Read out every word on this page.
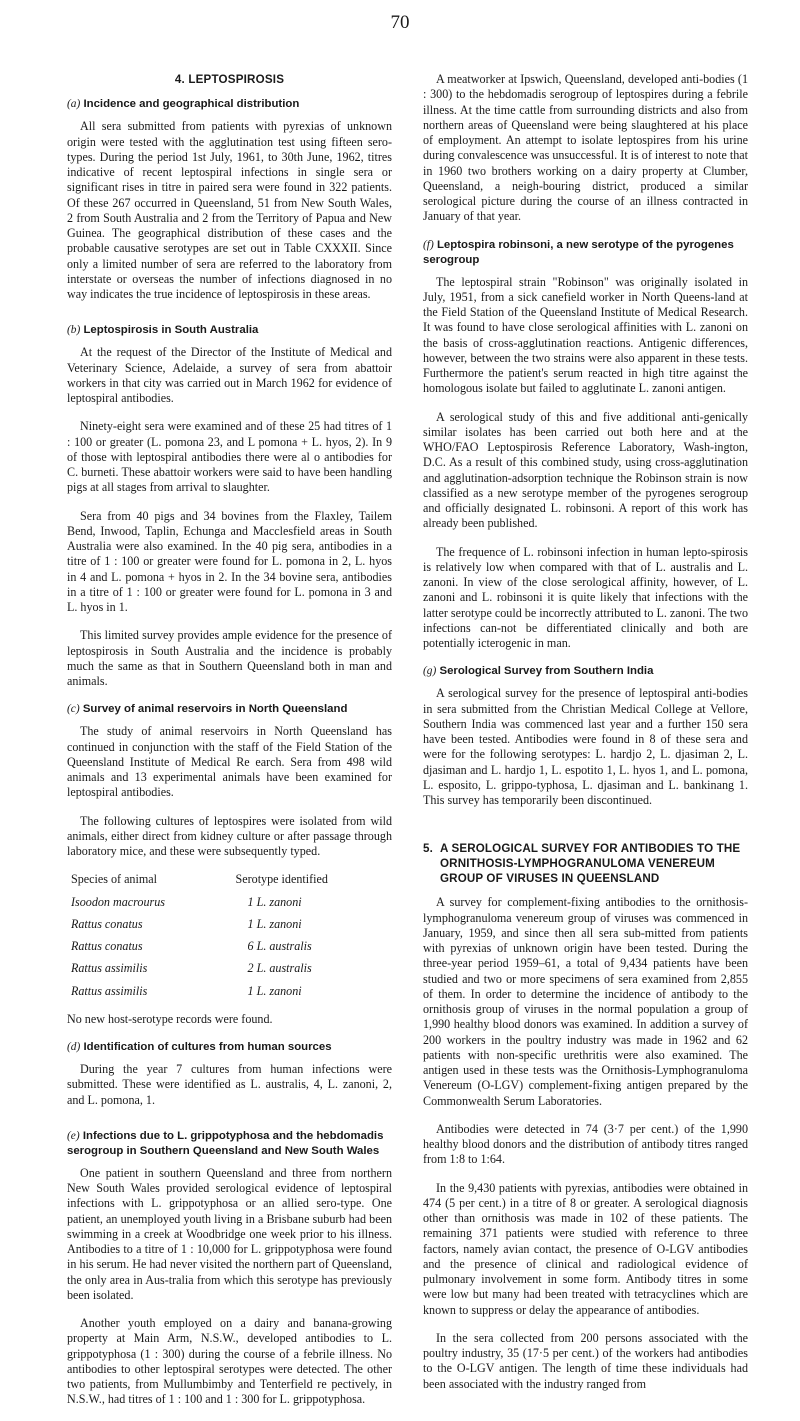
70
4. LEPTOSPIROSIS
(a) Incidence and geographical distribution

All sera submitted from patients with pyrexias of unknown origin were tested with the agglutination test using fifteen sero-types. During the period 1st July, 1961, to 30th June, 1962, titres indicative of recent leptospiral infections in single sera or significant rises in titre in paired sera were found in 322 patients. Of these 267 occurred in Queensland, 51 from New South Wales, 2 from South Australia and 2 from the Territory of Papua and New Guinea. The geographical distribution of these cases and the probable causative serotypes are set out in Table CXXXII. Since only a limited number of sera are referred to the laboratory from interstate or overseas the number of infections diagnosed in no way indicates the true incidence of leptospirosis in these areas.

(b) Leptospirosis in South Australia

At the request of the Director of the Institute of Medical and Veterinary Science, Adelaide, a survey of sera from abattoir workers in that city was carried out in March 1962 for evidence of leptospiral antibodies.

Ninety-eight sera were examined and of these 25 had titres of 1 : 100 or greater (L. pomona 23, and L pomona + L. hyos, 2). In 9 of those with leptospiral antibodies there were al o antibodies for C. burneti. These abattoir workers were said to have been handling pigs at all stages from arrival to slaughter.

Sera from 40 pigs and 34 bovines from the Flaxley, Tailem Bend, Inwood, Taplin, Echunga and Macclesfield areas in South Australia were also examined. In the 40 pig sera, antibodies in a titre of 1 : 100 or greater were found for L. pomona in 2, L. hyos in 4 and L. pomona + hyos in 2. In the 34 bovine sera, antibodies in a titre of 1 : 100 or greater were found for L. pomona in 3 and L. hyos in 1.

This limited survey provides ample evidence for the presence of leptospirosis in South Australia and the incidence is probably much the same as that in Southern Queensland both in man and animals.

(c) Survey of animal reservoirs in North Queensland

The study of animal reservoirs in North Queensland has continued in conjunction with the staff of the Field Station of the Queensland Institute of Medical Re earch. Sera from 498 wild animals and 13 experimental animals have been examined for leptospiral antibodies.

The following cultures of leptospires were isolated from wild animals, either direct from kidney culture or after passage through laboratory mice, and these were subsequently typed.

Species of animal	Serotype identified
Isoodon macrourus	1 L. zanoni
Rattus conatus	1 L. zanoni
Rattus conatus	6 L. australis
Rattus assimilis	2 L. australis
Rattus assimilis	1 L. zanoni

No new host-serotype records were found.

(d) Identification of cultures from human sources

During the year 7 cultures from human infections were submitted. These were identified as L. australis, 4, L. zanoni, 2, and L. pomona, 1.

(e) Infections due to L. grippotyphosa and the hebdomadis serogroup in Southern Queensland and New South Wales

One patient in southern Queensland and three from northern New South Wales provided serological evidence of leptospiral infections with L. grippotyphosa or an allied sero-type. One patient, an unemployed youth living in a Brisbane suburb had been swimming in a creek at Woodbridge one week prior to his illness. Antibodies to a titre of 1 : 10,000 for L. grippotyphosa were found in his serum. He had never visited the northern part of Queensland, the only area in Aus-tralia from which this serotype has previously been isolated.

Another youth employed on a dairy and banana-growing property at Main Arm, N.S.W., developed antibodies to L. grippotyphosa (1 : 300) during the course of a febrile illness. No antibodies to other leptospiral serotypes were detected. The other two patients, from Mullumbimby and Tenterfield re pectively, in N.S.W., had titres of 1 : 100 and 1 : 300 for L. grippotyphosa.

A meatworker at Ipswich, Queensland, developed anti-bodies (1 : 300) to the hebdomadis serogroup of leptospires during a febrile illness. At the time cattle from surrounding districts and also from northern areas of Queensland were being slaughtered at his place of employment. An attempt to isolate leptospires from his urine during convalescence was unsuccessful. It is of interest to note that in 1960 two brothers working on a dairy property at Clumber, Queensland, a neigh-bouring district, produced a similar serological picture during the course of an illness contracted in January of that year.

(f) Leptospira robinsoni, a new serotype of the pyrogenes serogroup

The leptospiral strain "Robinson" was originally isolated in July, 1951, from a sick canefield worker in North Queens-land at the Field Station of the Queensland Institute of Medical Research. It was found to have close serological affinities with L. zanoni on the basis of cross-agglutination reactions. Antigenic differences, however, between the two strains were also apparent in these tests. Furthermore the patient's serum reacted in high titre against the homologous isolate but failed to agglutinate L. zanoni antigen.

A serological study of this and five additional anti-genically similar isolates has been carried out both here and at the WHO/FAO Leptospirosis Reference Laboratory, Wash-ington, D.C. As a result of this combined study, using cross-agglutination and agglutination-adsorption technique the Robinson strain is now classified as a new serotype member of the pyrogenes serogroup and officially designated L. robinsoni. A report of this work has already been published.

The frequence of L. robinsoni infection in human lepto-spirosis is relatively low when compared with that of L. australis and L. zanoni. In view of the close serological affinity, however, of L. zanoni and L. robinsoni it is quite likely that infections with the latter serotype could be incorrectly attributed to L. zanoni. The two infections can-not be differentiated clinically and both are potentially icterogenic in man.

(g) Serological Survey from Southern India

A serological survey for the presence of leptospiral anti-bodies in sera submitted from the Christian Medical College at Vellore, Southern India was commenced last year and a further 150 sera have been tested. Antibodies were found in 8 of these sera and were for the following serotypes: L. hardjo 2, L. djasiman 2, L. djasiman and L. hardjo 1, L. espotito 1, L. hyos 1, and L. pomona, L. esposito, L. grippo-typhosa, L. djasiman and L. bankinang 1. This survey has temporarily been discontinued.

5. A SEROLOGICAL SURVEY FOR ANTIBODIES TO THE ORNITHOSIS-LYMPHOGRANULOMA VENEREUM GROUP OF VIRUSES IN QUEENSLAND

A survey for complement-fixing antibodies to the ornithosis-lymphogranuloma venereum group of viruses was commenced in January, 1959, and since then all sera sub-mitted from patients with pyrexias of unknown origin have been tested. During the three-year period 1959–61, a total of 9,434 patients have been studied and two or more specimens of sera examined from 2,855 of them. In order to determine the incidence of antibody to the ornithosis group of viruses in the normal population a group of 1,990 healthy blood donors was examined. In addition a survey of 200 workers in the poultry industry was made in 1962 and 62 patients with non-specific urethritis were also examined. The antigen used in these tests was the Ornithosis-Lymphogranuloma Venereum (O-LGV) complement-fixing antigen prepared by the Commonwealth Serum Laboratories.

Antibodies were detected in 74 (3·7 per cent.) of the 1,990 healthy blood donors and the distribution of antibody titres ranged from 1:8 to 1:64.

In the 9,430 patients with pyrexias, antibodies were obtained in 474 (5 per cent.) in a titre of 8 or greater. A serological diagnosis other than ornithosis was made in 102 of these patients. The remaining 371 patients were studied with reference to three factors, namely avian contact, the presence of O-LGV antibodies and the presence of clinical and radiological evidence of pulmonary involvement in some form. Antibody titres in some were low but many had been treated with tetracyclines which are known to suppress or delay the appearance of antibodies.

In the sera collected from 200 persons associated with the poultry industry, 35 (17·5 per cent.) of the workers had antibodies to the O-LGV antigen. The length of time these individuals had been associated with the industry ranged from
